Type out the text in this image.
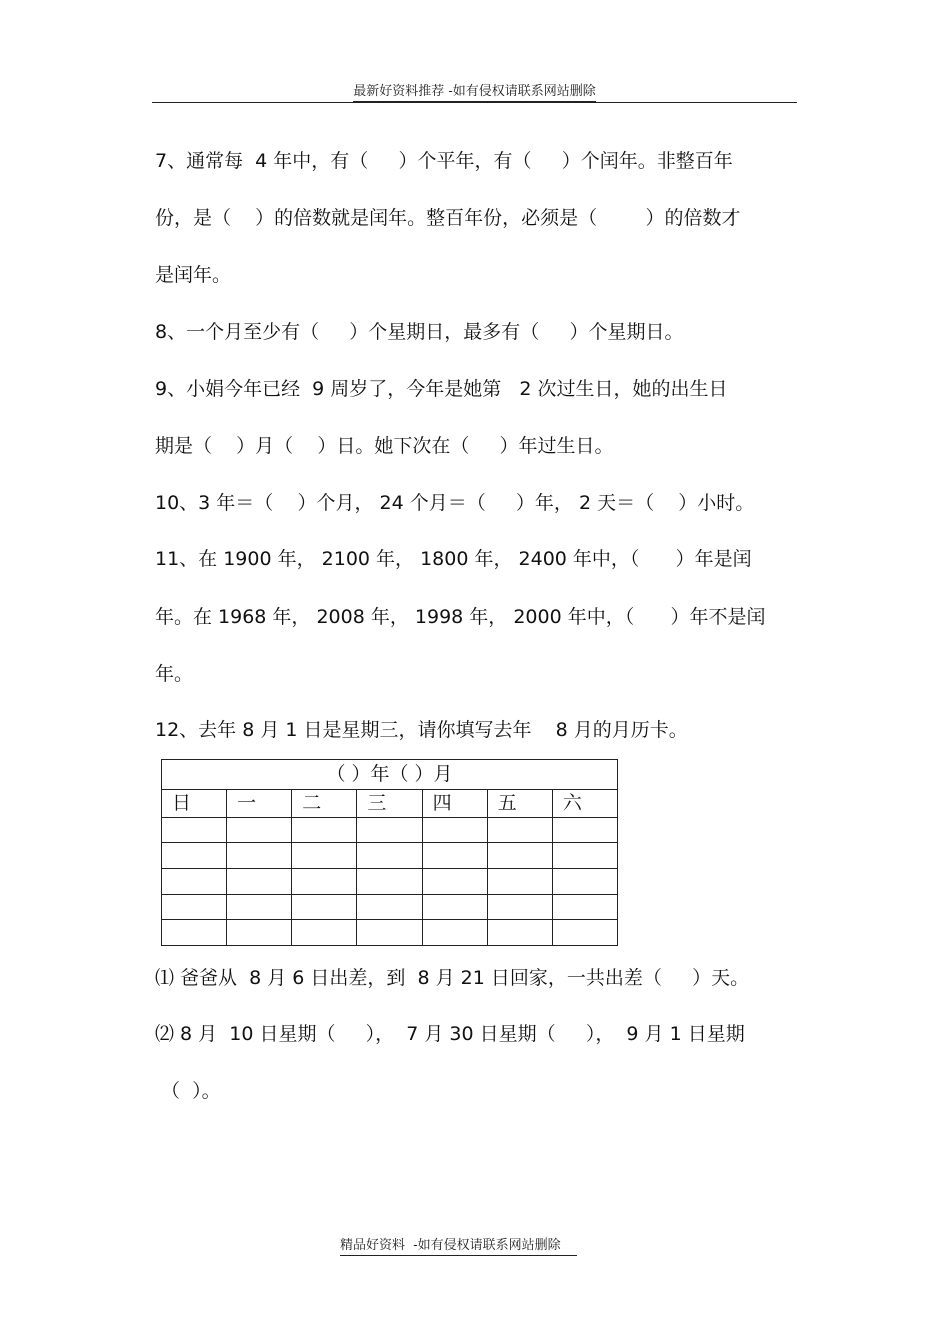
最新好资料推荐 -如有侵权请联系网站删除
7、通常每  4 年中，有（     ）个平年，有（     ）个闰年。非整百年
份，是（    ）的倍数就是闰年。整百年份，必须是（        ）的倍数才
是闰年。
8、一个月至少有（     ）个星期日，最多有（     ）个星期日。
9、小娟今年已经  9 周岁了，今年是她第   2 次过生日，她的出生日
期是（    ）月（    ）日。她下次在（     ）年过生日。
10、3 年＝（    ）个月， 24 个月＝（     ）年， 2 天＝（    ）小时。
11、在 1900 年， 2100 年， 1800 年， 2400 年中，（      ）年是闰
年。在 1968 年， 2008 年， 1998 年， 2000 年中，（      ）年不是闰
年。
12、去年 8 月 1 日是星期三，请你填写去年    8 月的月历卡。
（ ）年（ ）月						
日	一	二	三	四	五	六

⑴ 爸爸从  8 月 6 日出差，到  8 月 21 日回家，一共出差（     ）天。
⑵ 8 月  10 日星期（     ），  7 月 30 日星期（     ），  9 月 1 日星期
（  ）。
精品好资料  -如有侵权请联系网站删除
